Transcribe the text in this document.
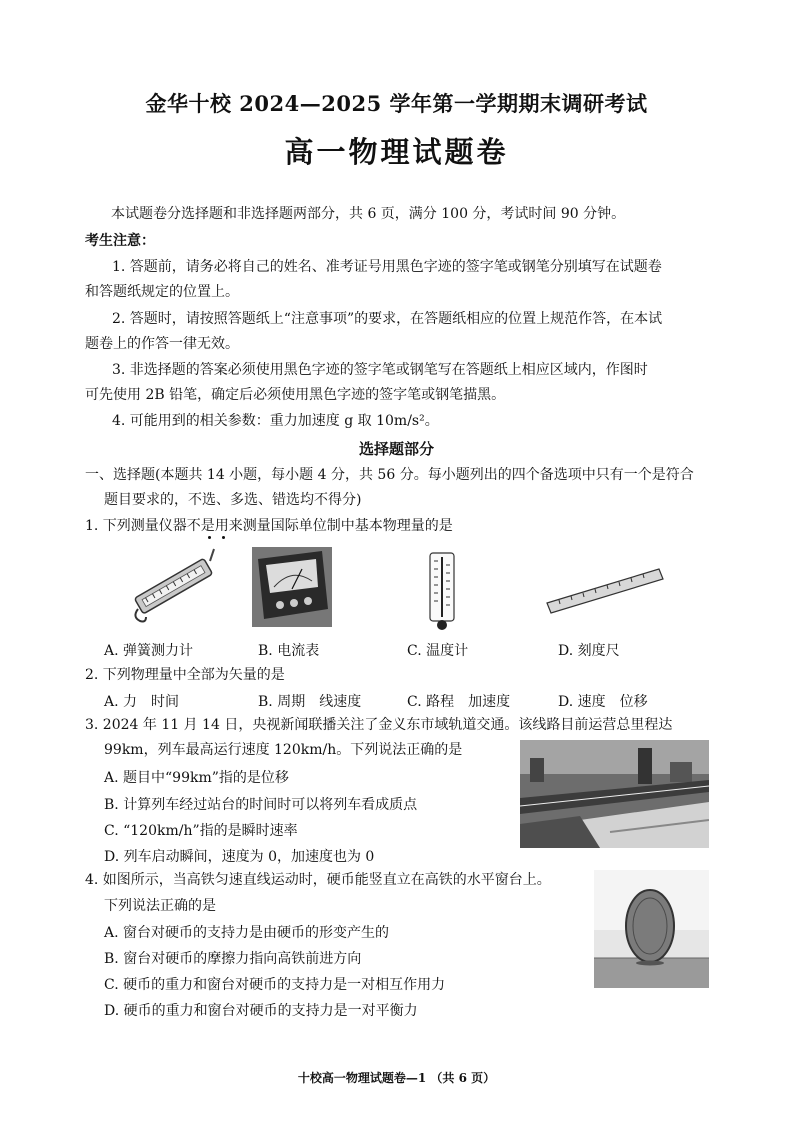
金华十校 2024—2025 学年第一学期期末调研考试
高一物理试题卷
本试题卷分选择题和非选择题两部分，共 6 页，满分 100 分，考试时间 90 分钟。
考生注意：
1. 答题前，请务必将自己的姓名、准考证号用黑色字迹的签字笔或钢笔分别填写在试题卷
和答题纸规定的位置上。
2. 答题时，请按照答题纸上“注意事项”的要求，在答题纸相应的位置上规范作答，在本试
题卷上的作答一律无效。
3. 非选择题的答案必须使用黑色字迹的签字笔或钢笔写在答题纸上相应区域内，作图时
可先使用 2B 铅笔，确定后必须使用黑色字迹的签字笔或钢笔描黑。
4. 可能用到的相关参数：重力加速度 g 取 10m/s²。
选择题部分
一、选择题(本题共 14 小题，每小题 4 分，共 56 分。每小题列出的四个备选项中只有一个是符合
题目要求的，不选、多选、错选均不得分)
1. 下列测量仪器不是用来测量国际单位制中基本物理量的是
A. 弹簧测力计	B. 电流表	C. 温度计	D. 刻度尺
2. 下列物理量中全部为矢量的是
A. 力　时间	B. 周期　线速度	C. 路程　加速度	D. 速度　位移
3. 2024 年 11 月 14 日，央视新闻联播关注了金义东市域轨道交通。该线路目前运营总里程达
99km，列车最高运行速度 120km/h。下列说法正确的是
A. 题目中“99km”指的是位移
B. 计算列车经过站台的时间时可以将列车看成质点
C. “120km/h”指的是瞬时速率
D. 列车启动瞬间，速度为 0，加速度也为 0
4. 如图所示，当高铁匀速直线运动时，硬币能竖直立在高铁的水平窗台上。
下列说法正确的是
A. 窗台对硬币的支持力是由硬币的形变产生的
B. 窗台对硬币的摩擦力指向高铁前进方向
C. 硬币的重力和窗台对硬币的支持力是一对相互作用力
D. 硬币的重力和窗台对硬币的支持力是一对平衡力
十校高一物理试题卷—1 （共 6 页）
